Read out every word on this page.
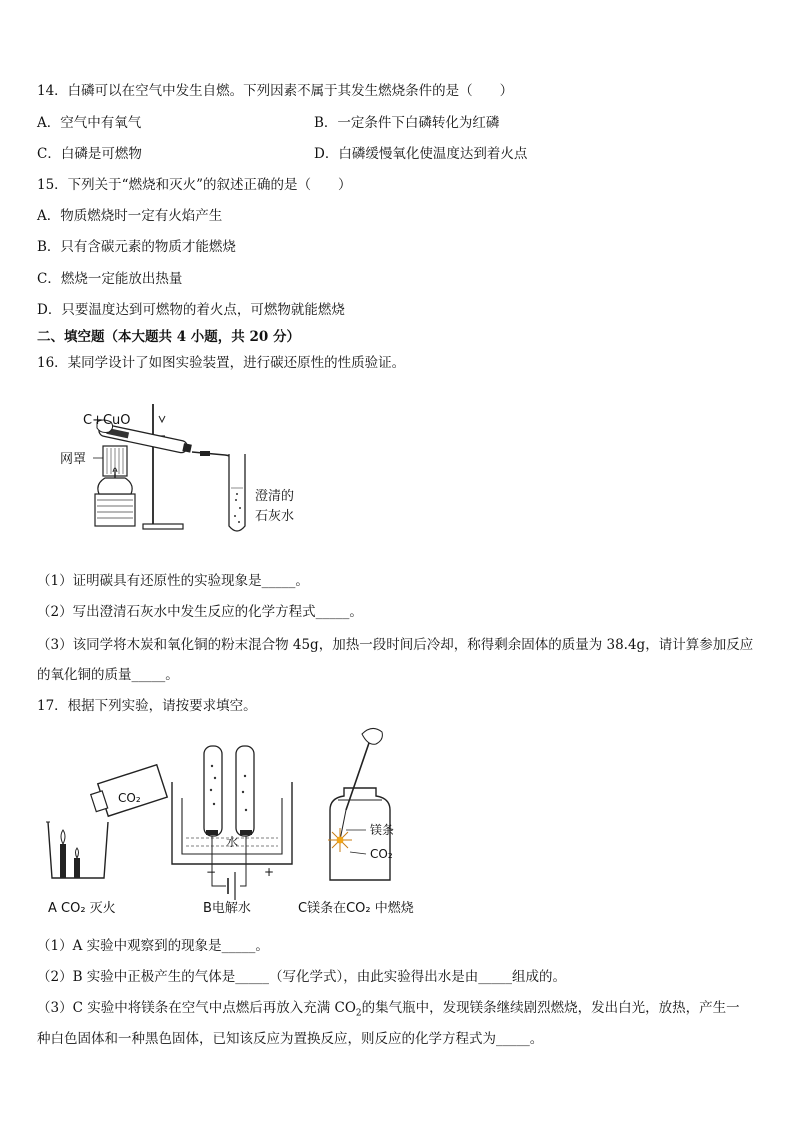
14．白磷可以在空气中发生自燃。下列因素不属于其发生燃烧条件的是（　　）
A．空气中有氧气	B．一定条件下白磷转化为红磷
C．白磷是可燃物	D．白磷缓慢氧化使温度达到着火点
15．下列关于“燃烧和灭火”的叙述正确的是（　　）
A．物质燃烧时一定有火焰产生
B．只有含碳元素的物质才能燃烧
C．燃烧一定能放出热量
D．只要温度达到可燃物的着火点，可燃物就能燃烧
二、填空题（本大题共 4 小题，共 20 分）
16．某同学设计了如图实验装置，进行碳还原性的性质验证。
C+CuO
网罩
澄清的
石灰水
（1）证明碳具有还原性的实验现象是_____。
（2）写出澄清石灰水中发生反应的化学方程式_____。
（3）该同学将木炭和氧化铜的粉末混合物 45g，加热一段时间后冷却，称得剩余固体的质量为 38.4g，请计算参加反应
的氧化铜的质量_____。
17．根据下列实验，请按要求填空。
CO₂
A CO₂ 灭火
水
−	+
B电解水
镁条
CO₂
C镁条在CO₂ 中燃烧
（1）A 实验中观察到的现象是_____。
（2）B 实验中正极产生的气体是_____（写化学式），由此实验得出水是由_____组成的。
（3）C 实验中将镁条在空气中点燃后再放入充满 $CO_2$的集气瓶中，发现镁条继续剧烈燃烧，发出白光，放热，产生一
种白色固体和一种黑色固体，已知该反应为置换反应，则反应的化学方程式为_____。
